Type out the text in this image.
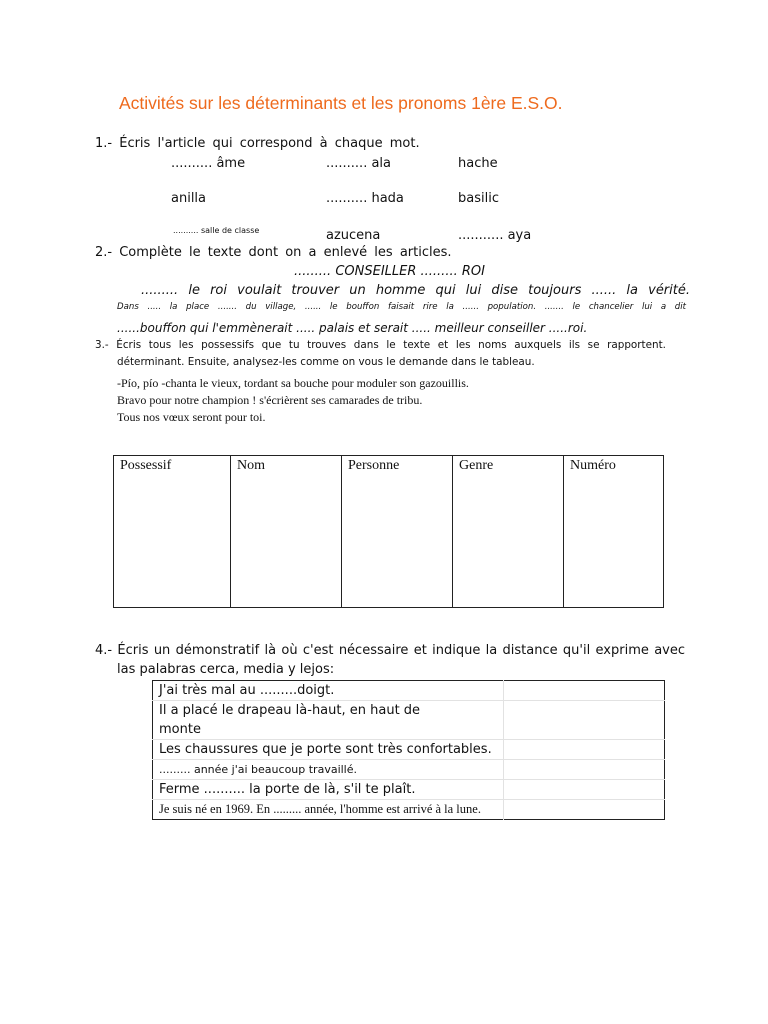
Activités sur les déterminants et les pronoms 1ère E.S.O.
1.- Écris l'article qui correspond à chaque mot.
.......... âme	.......... ala	hache
anilla	.......... hada	basilic
.......... salle de classe	azucena	........... aya
2.- Complète le texte dont on a enlevé les articles.
......... CONSEILLER ......... ROI
......... le roi voulait trouver un homme qui lui dise toujours ...... la vérité.
Dans ..... la place ....... du village, ...... le bouffon faisait rire la ...... population. ....... le chancelier lui a dit
......bouffon qui l'emmènerait ..... palais et serait ..... meilleur conseiller .....roi.
3.- Écris tous les possessifs que tu trouves dans le texte et les noms auxquels ils se rapportent.
déterminant. Ensuite, analysez-les comme on vous le demande dans le tableau.
-Pío, pío -chanta le vieux, tordant sa bouche pour moduler son gazouillis.
Bravo pour notre champion ! s'écrièrent ses camarades de tribu.
Tous nos vœux seront pour toi.
Possessif	Nom	Personne	Genre	Numéro
4.- Écris un démonstratif là où c'est nécessaire et indique la distance qu'il exprime avec
las palabras cerca, media y lejos:
J'ai très mal au .........doigt.	
Il a placé le drapeau là-haut, en haut de monte	
Les chaussures que je porte sont très confortables.	
......... année j'ai beaucoup travaillé.	
Ferme .......... la porte de là, s'il te plaît.	
Je suis né en 1969. En ......... année, l'homme est arrivé à la lune.	
